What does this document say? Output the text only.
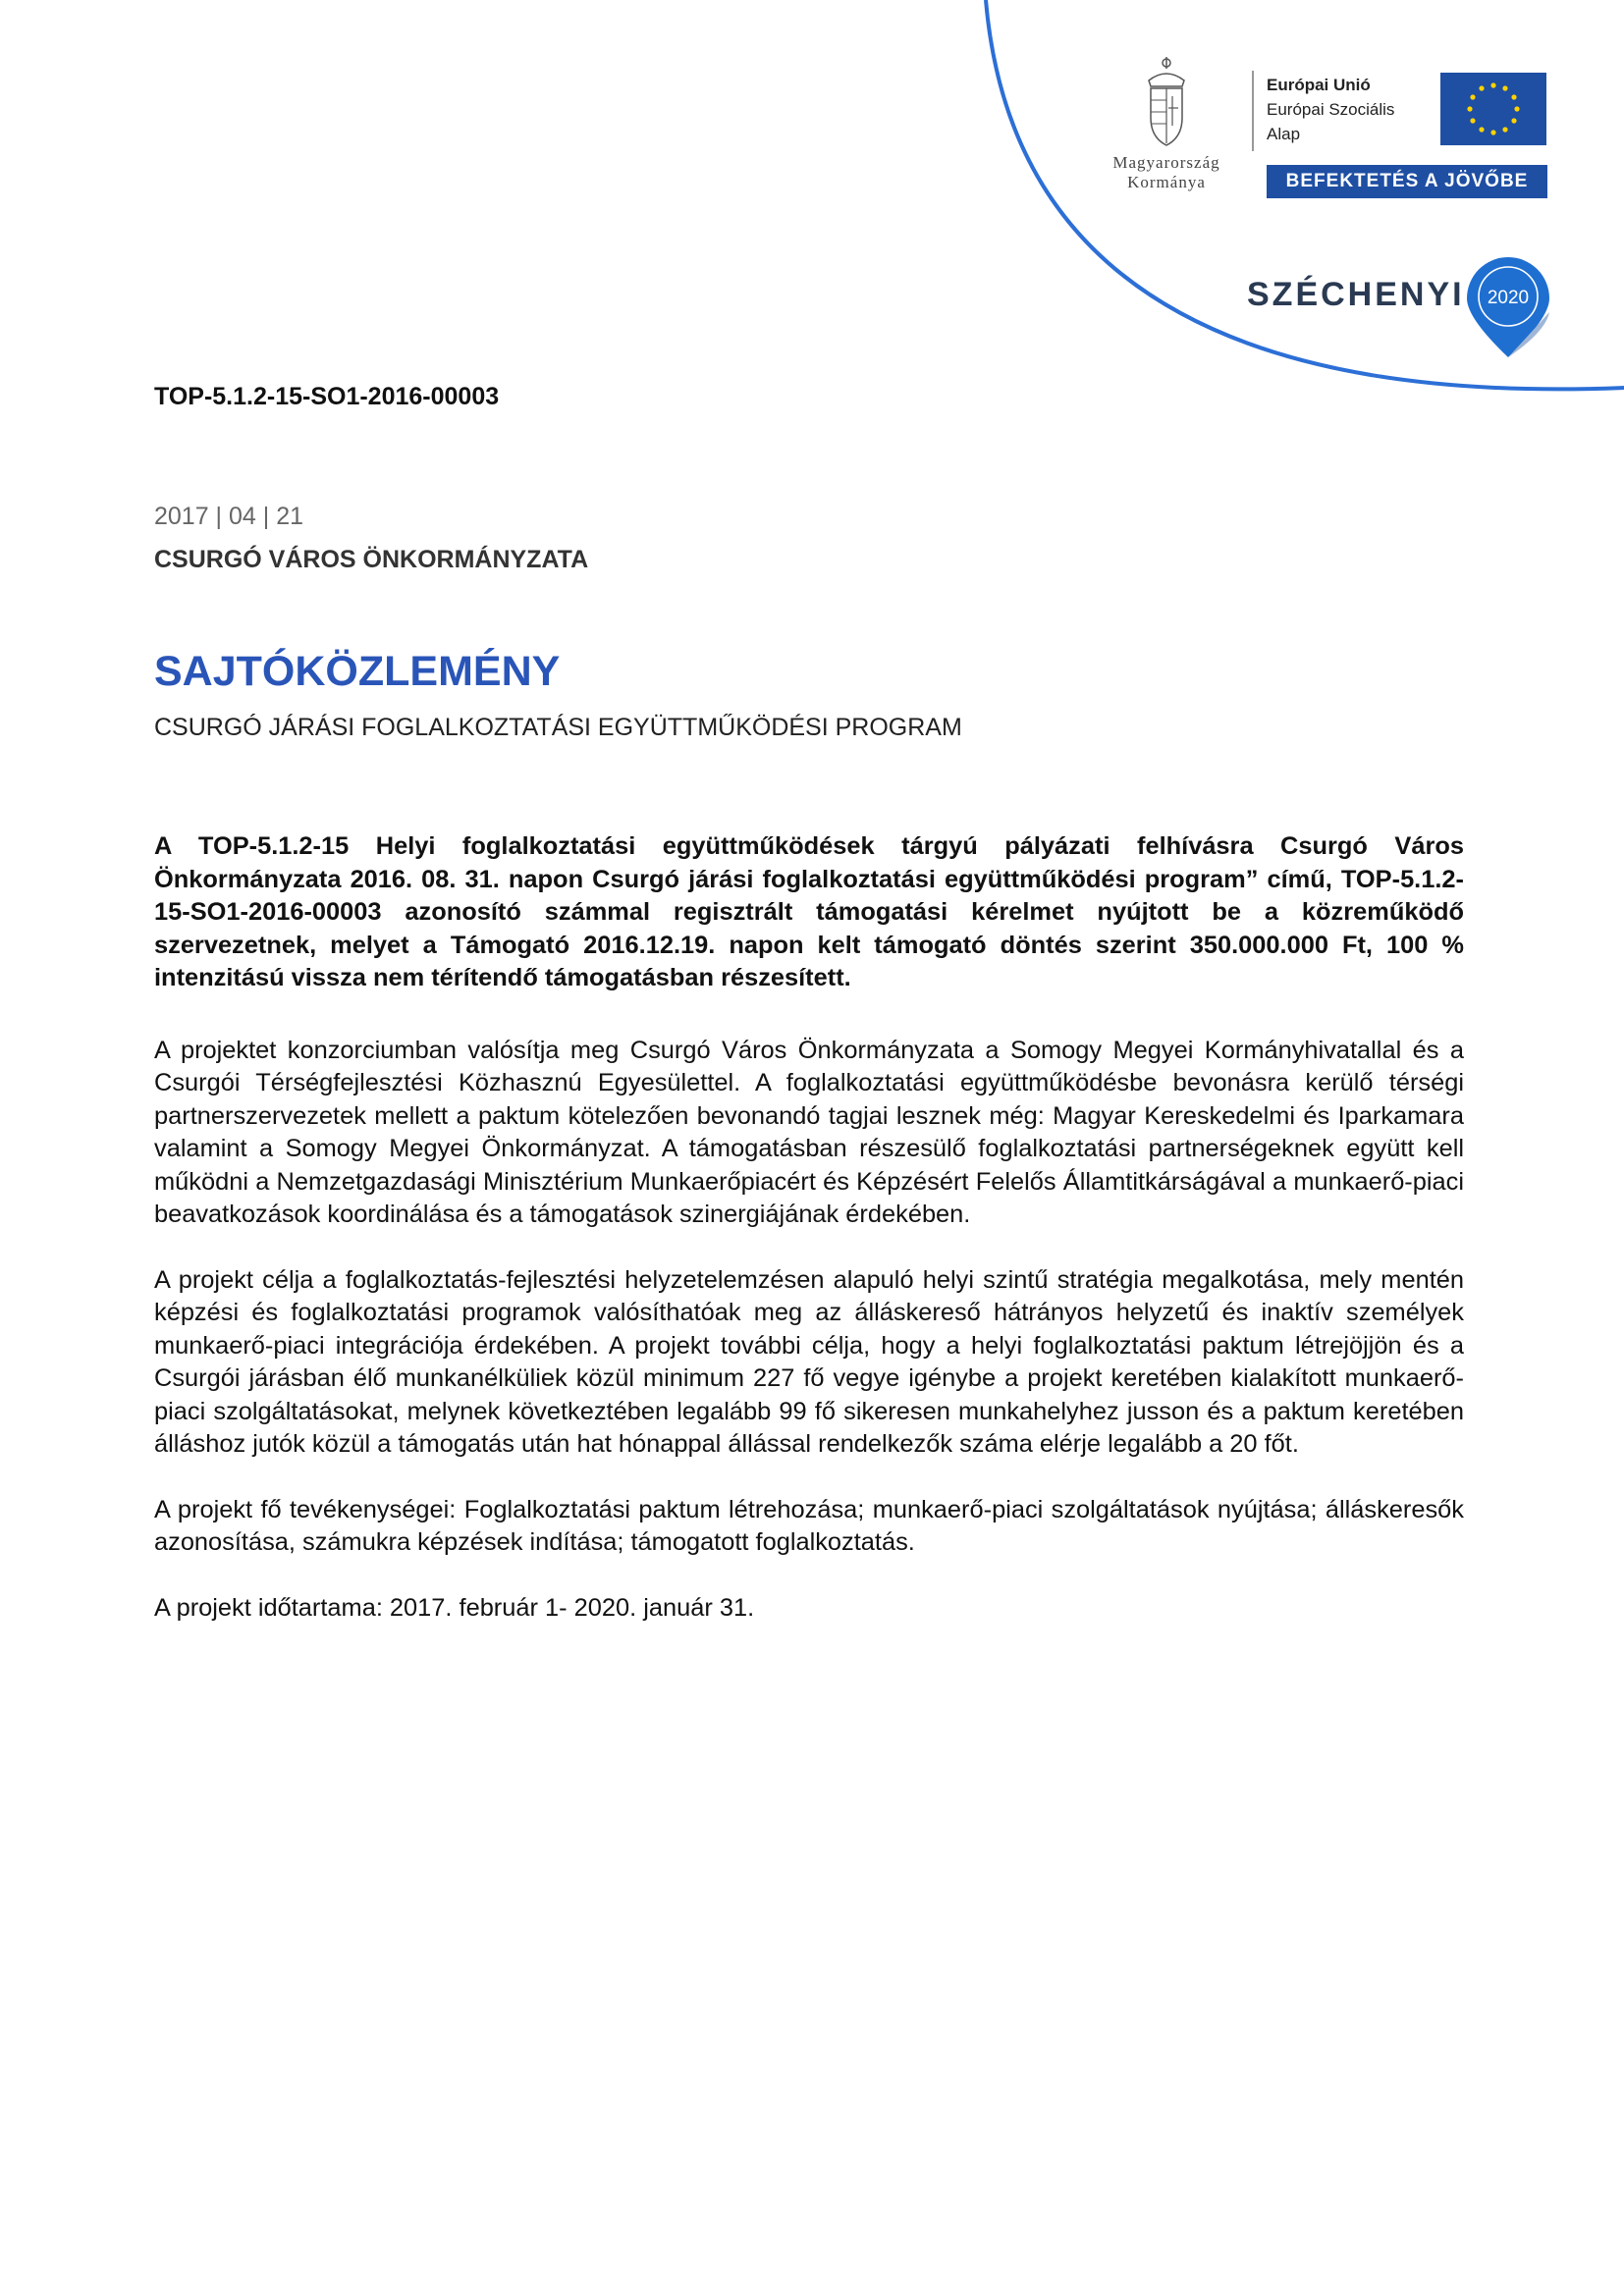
Magyarország
Kormánya
Európai Unió
Európai Szociális
Alap
BEFEKTETÉS A JÖVŐBE
SZÉCHENYI 2020
TOP-5.1.2-15-SO1-2016-00003
2017 | 04 | 21
CSURGÓ VÁROS ÖNKORMÁNYZATA
SAJTÓKÖZLEMÉNY
CSURGÓ JÁRÁSI FOGLALKOZTATÁSI EGYÜTTMŰKÖDÉSI PROGRAM

A TOP-5.1.2-15 Helyi foglalkoztatási együttműködések tárgyú pályázati felhívásra Csurgó Város Önkormányzata 2016. 08. 31. napon Csurgó járási foglalkoztatási együttműködési program” című, TOP-5.1.2-15-SO1-2016-00003 azonosító számmal regisztrált támogatási kérelmet nyújtott be a közreműködő szervezetnek, melyet a Támogató 2016.12.19. napon kelt támogató döntés szerint 350.000.000 Ft, 100 % intenzitású vissza nem térítendő támogatásban részesített.

A projektet konzorciumban valósítja meg Csurgó Város Önkormányzata a Somogy Megyei Kormányhivatallal és a Csurgói Térségfejlesztési Közhasznú Egyesülettel. A foglalkoztatási együttműködésbe bevonásra kerülő térségi partnerszervezetek mellett a paktum kötelezően bevonandó tagjai lesznek még: Magyar Kereskedelmi és Iparkamara valamint a Somogy Megyei Önkormányzat. A támogatásban részesülő foglalkoztatási partnerségeknek együtt kell működni a Nemzetgazdasági Minisztérium Munkaerőpiacért és Képzésért Felelős Államtitkárságával a munkaerő-piaci beavatkozások koordinálása és a támogatások szinergiájának érdekében.

A projekt célja a foglalkoztatás-fejlesztési helyzetelemzésen alapuló helyi szintű stratégia megalkotása, mely mentén képzési és foglalkoztatási programok valósíthatóak meg az álláskereső hátrányos helyzetű és inaktív személyek munkaerő-piaci integrációja érdekében. A projekt további célja, hogy a helyi foglalkoztatási paktum létrejöjjön és a Csurgói járásban élő munkanélküliek közül minimum 227 fő vegye igénybe a projekt keretében kialakított munkaerő-piaci szolgáltatásokat, melynek következtében legalább 99 fő sikeresen munkahelyhez jusson és a paktum keretében álláshoz jutók közül a támogatás után hat hónappal állással rendelkezők száma elérje legalább a 20 főt.

A projekt fő tevékenységei: Foglalkoztatási paktum létrehozása; munkaerő-piaci szolgáltatások nyújtása; álláskeresők azonosítása, számukra képzések indítása; támogatott foglalkoztatás.

A projekt időtartama: 2017. február 1- 2020. január 31.
